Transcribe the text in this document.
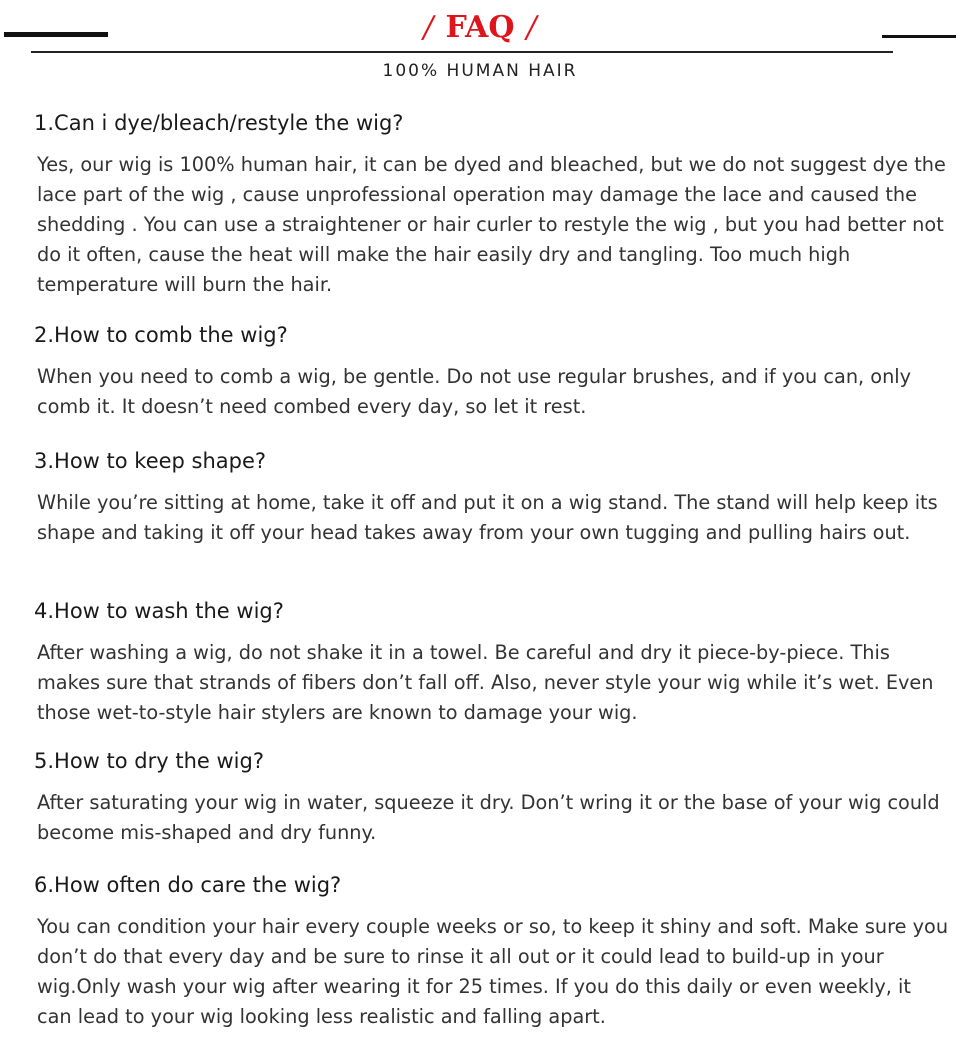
/ FAQ /
100% HUMAN HAIR
1.Can i dye/bleach/restyle the wig?

Yes, our wig is 100% human hair, it can be dyed and bleached, but we do not suggest dye the lace part of the wig , cause unprofessional operation may damage the lace and caused the shedding . You can use a straightener or hair curler to restyle the wig , but you had better not do it often, cause the heat will make the hair easily dry and tangling. Too much high temperature will burn the hair.

2.How to comb the wig?

When you need to comb a wig, be gentle. Do not use regular brushes, and if you can, only comb it. It doesn’t need combed every day, so let it rest.

3.How to keep shape?

While you’re sitting at home, take it off and put it on a wig stand. The stand will help keep its shape and taking it off your head takes away from your own tugging and pulling hairs out.

4.How to wash the wig?

After washing a wig, do not shake it in a towel. Be careful and dry it piece-by-piece. This makes sure that strands of fibers don’t fall off. Also, never style your wig while it’s wet. Even those wet-to-style hair stylers are known to damage your wig.

5.How to dry the wig?

After saturating your wig in water, squeeze it dry. Don’t wring it or the base of your wig could become mis-shaped and dry funny.

6.How often do care the wig?

You can condition your hair every couple weeks or so, to keep it shiny and soft. Make sure you don’t do that every day and be sure to rinse it all out or it could lead to build-up in your wig.Only wash your wig after wearing it for 25 times. If you do this daily or even weekly, it can lead to your wig looking less realistic and falling apart.
